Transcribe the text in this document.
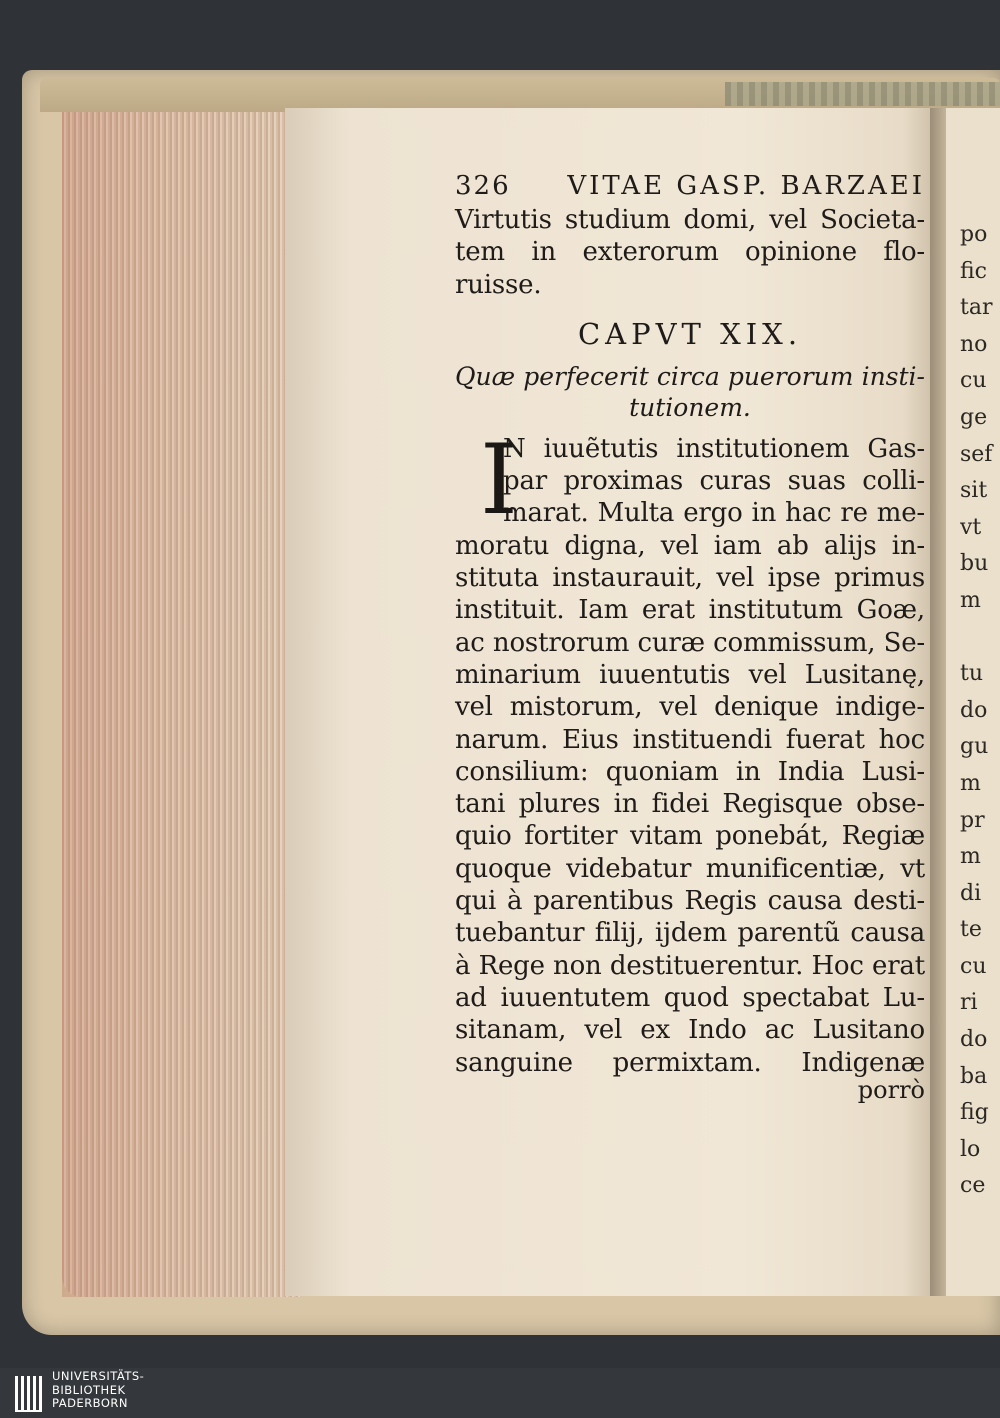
326 VITAE GASP. BARZAEI
Virtutis studium domi, vel Societa-
tem in exterorum opinione flo-
ruisse.
CAPVT XIX.
Quæ perfecerit circa puerorum insti-
tutionem.
I
N iuuẽtutis institutionem Gas-
par proximas curas suas colli-
marat. Multa ergo in hac re me-
moratu digna, vel iam ab alijs in-
stituta instaurauit, vel ipse primus
instituit. Iam erat institutum Goæ,
ac nostrorum curæ commissum, Se-
minarium iuuentutis vel Lusitanę,
vel mistorum, vel denique indige-
narum. Eius instituendi fuerat hoc
consilium: quoniam in India Lusi-
tani plures in fidei Regisque obse-
quio fortiter vitam ponebát, Regiæ
quoque videbatur munificentiæ, vt
qui à parentibus Regis causa desti-
tuebantur filij, ijdem parentũ causa
à Rege non destituerentur. Hoc erat
ad iuuentutem quod spectabat Lu-
sitanam, vel ex Indo ac Lusitano
sanguine permixtam. Indigenæ
porrò
po
fic
tar
no
cu
ge
sef
sit
vt
bu
m
tu
do
gu
m
pr
m
di
te
cu
ri
do
ba
fig
lo
ce
UNIVERSITÄTS-
BIBLIOTHEK
PADERBORN
